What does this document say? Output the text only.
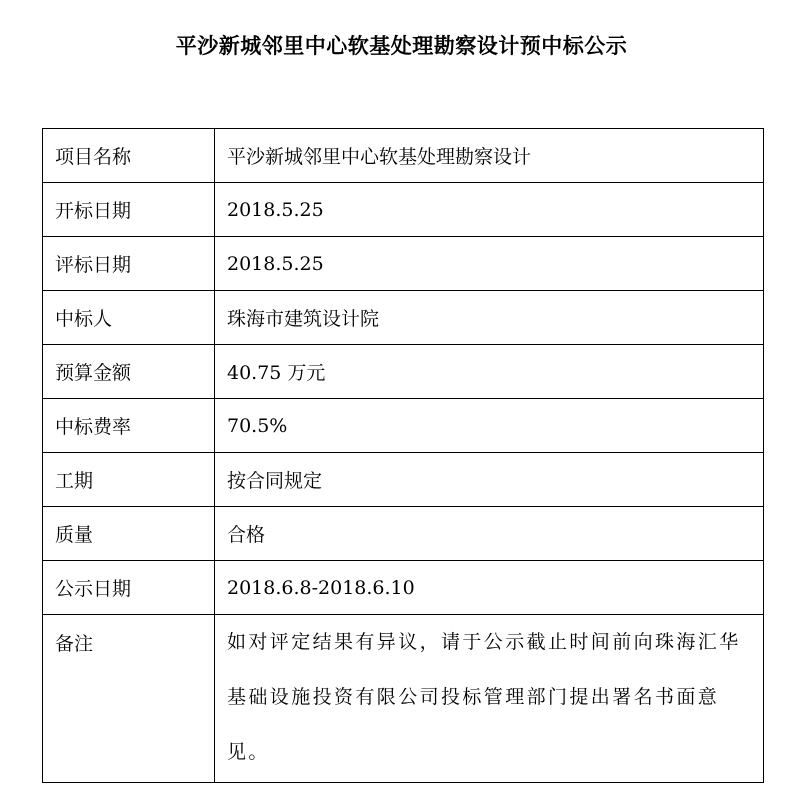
平沙新城邻里中心软基处理勘察设计预中标公示
项目名称	平沙新城邻里中心软基处理勘察设计
开标日期	2018.5.25
评标日期	2018.5.25
中标人	珠海市建筑设计院
预算金额	40.75 万元
中标费率	70.5%
工期	按合同规定
质量	合格
公示日期	2018.6.8-2018.6.10
备注	如对评定结果有异议，请于公示截止时间前向珠海汇华基础设施投资有限公司投标管理部门提出署名书面意见。
